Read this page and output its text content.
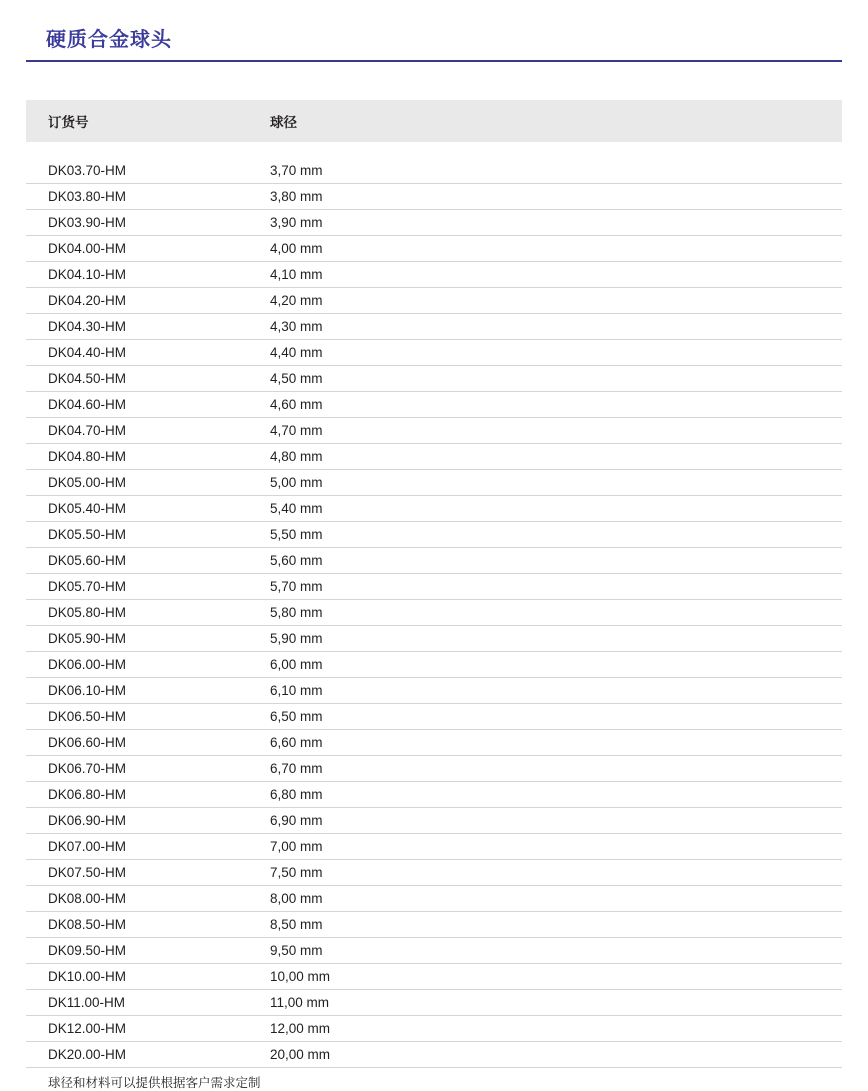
硬质合金球头
订货号	球径
DK03.70-HM	3,70 mm
DK03.80-HM	3,80 mm
DK03.90-HM	3,90 mm
DK04.00-HM	4,00 mm
DK04.10-HM	4,10 mm
DK04.20-HM	4,20 mm
DK04.30-HM	4,30 mm
DK04.40-HM	4,40 mm
DK04.50-HM	4,50 mm
DK04.60-HM	4,60 mm
DK04.70-HM	4,70 mm
DK04.80-HM	4,80 mm
DK05.00-HM	5,00 mm
DK05.40-HM	5,40 mm
DK05.50-HM	5,50 mm
DK05.60-HM	5,60 mm
DK05.70-HM	5,70 mm
DK05.80-HM	5,80 mm
DK05.90-HM	5,90 mm
DK06.00-HM	6,00 mm
DK06.10-HM	6,10 mm
DK06.50-HM	6,50 mm
DK06.60-HM	6,60 mm
DK06.70-HM	6,70 mm
DK06.80-HM	6,80 mm
DK06.90-HM	6,90 mm
DK07.00-HM	7,00 mm
DK07.50-HM	7,50 mm
DK08.00-HM	8,00 mm
DK08.50-HM	8,50 mm
DK09.50-HM	9,50 mm
DK10.00-HM	10,00 mm
DK11.00-HM	11,00 mm
DK12.00-HM	12,00 mm
DK20.00-HM	20,00 mm
球径和材料可以提供根据客户需求定制
